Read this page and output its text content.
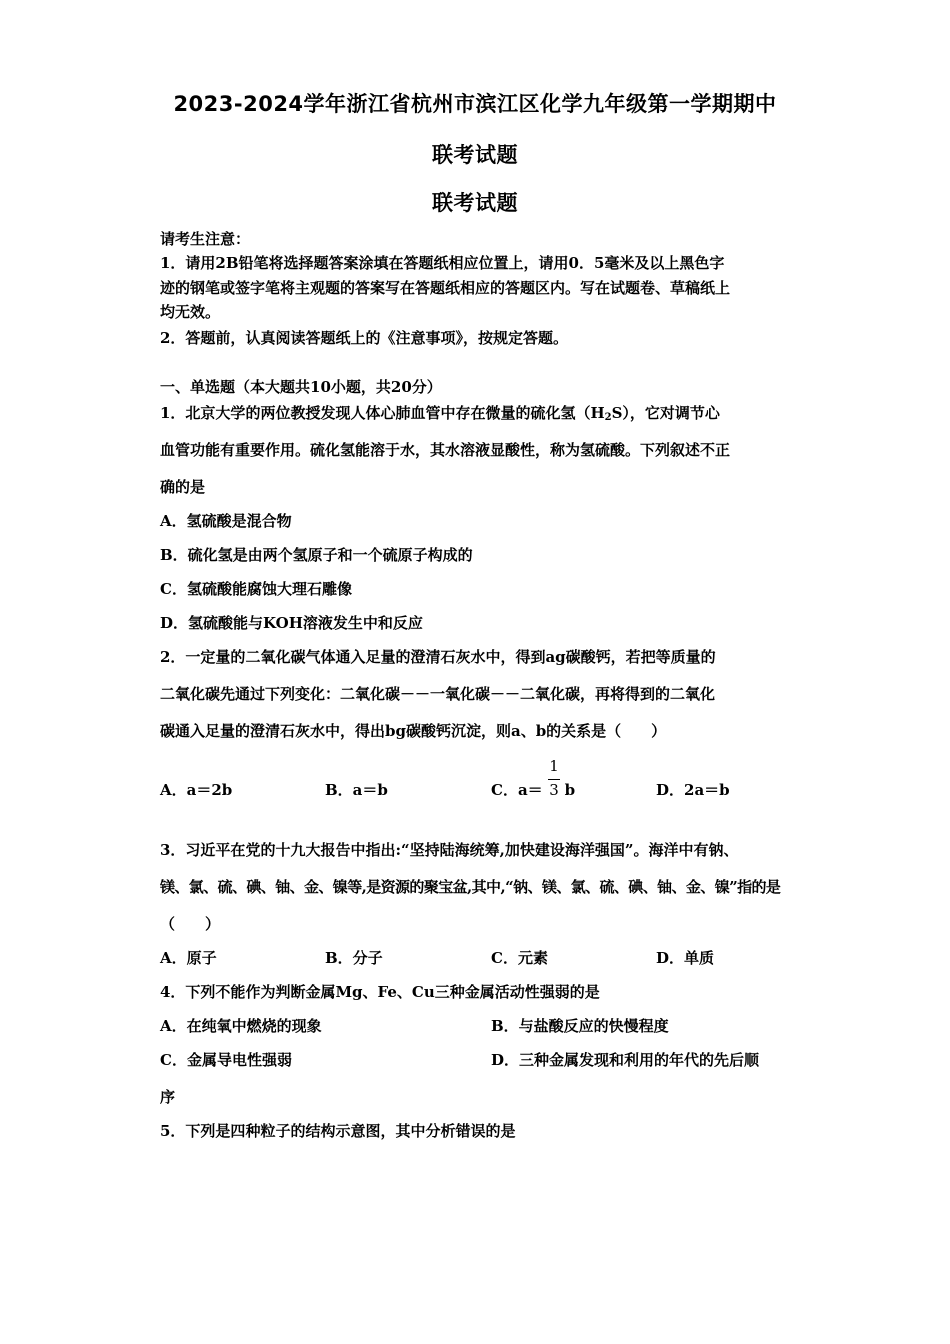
2023-2024学年浙江省杭州市滨江区化学九年级第一学期期中
联考试题
联考试题
请考生注意：
1．请用2B铅笔将选择题答案涂填在答题纸相应位置上，请用0．5毫米及以上黑色字
迹的钢笔或签字笔将主观题的答案写在答题纸相应的答题区内。写在试题卷、草稿纸上
均无效。
2．答题前，认真阅读答题纸上的《注意事项》，按规定答题。
一、单选题（本大题共10小题，共20分）
1．北京大学的两位教授发现人体心肺血管中存在微量的硫化氢$(H_2S)$，它对调节心
血管功能有重要作用。硫化氢能溶于水，其水溶液显酸性，称为氢硫酸。下列叙述不正
确的是
A．氢硫酸是混合物
B．硫化氢是由两个氢原子和一个硫原子构成的
C．氢硫酸能腐蚀大理石雕像
D．氢硫酸能与KOH溶液发生中和反应
2．一定量的二氧化碳气体通入足量的澄清石灰水中，得到ag碳酸钙，若把等质量的
二氧化碳先通过下列变化：二氧化碳－－一氧化碳－－二氧化碳，再将得到的二氧化
碳通入足量的澄清石灰水中，得出bg碳酸钙沉淀，则a、b的关系是（　　）
A．a＝2b	B．a＝b	C．a＝ b
1
3	D．2a＝b
3．习近平在党的十九大报告中指出:“坚持陆海统筹,加快建设海洋强国”。海洋中有钠、
镁、氯、硫、碘、铀、金、镍等,是资源的聚宝盆,其中,“钠、镁、氯、硫、碘、铀、金、镍”指的是
（　　）
A．原子	B．分子	C．元素	D．单质
4．下列不能作为判断金属Mg、Fe、Cu三种金属活动性强弱的是
A．在纯氧中燃烧的现象	B．与盐酸反应的快慢程度
C．金属导电性强弱	D．三种金属发现和利用的年代的先后顺
序
5．下列是四种粒子的结构示意图，其中分析错误的是
